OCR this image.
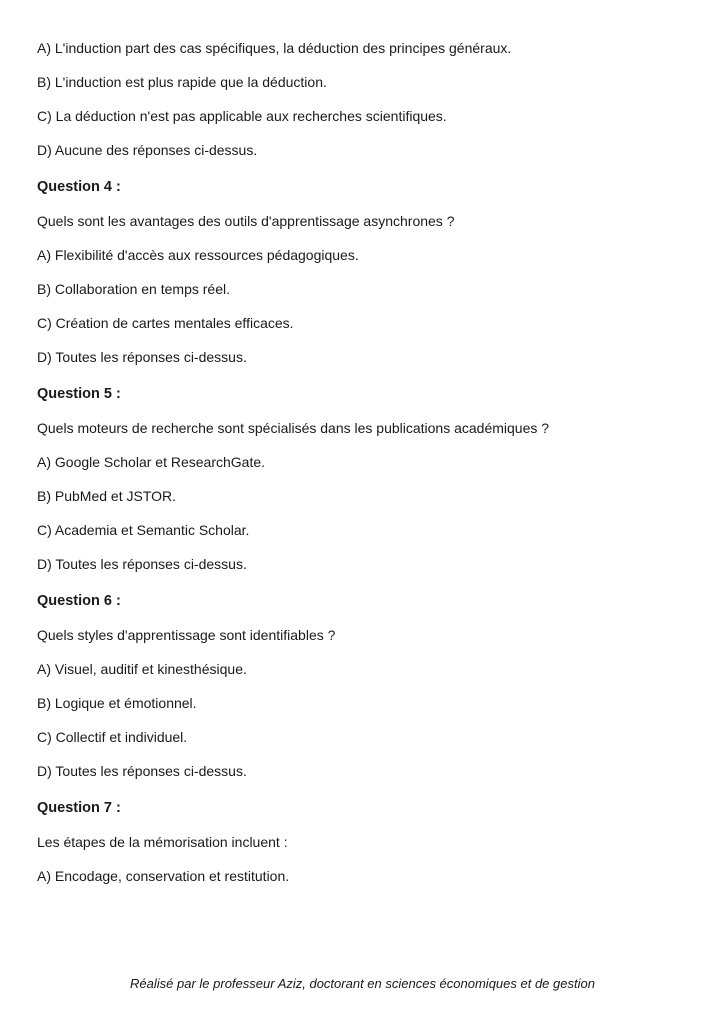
A) L'induction part des cas spécifiques, la déduction des principes généraux.

B) L'induction est plus rapide que la déduction.

C) La déduction n'est pas applicable aux recherches scientifiques.

D) Aucune des réponses ci-dessus.

Question 4 :

Quels sont les avantages des outils d'apprentissage asynchrones ?

A) Flexibilité d'accès aux ressources pédagogiques.

B) Collaboration en temps réel.

C) Création de cartes mentales efficaces.

D) Toutes les réponses ci-dessus.

Question 5 :

Quels moteurs de recherche sont spécialisés dans les publications académiques ?

A) Google Scholar et ResearchGate.

B) PubMed et JSTOR.

C) Academia et Semantic Scholar.

D) Toutes les réponses ci-dessus.

Question 6 :

Quels styles d'apprentissage sont identifiables ?

A) Visuel, auditif et kinesthésique.

B) Logique et émotionnel.

C) Collectif et individuel.

D) Toutes les réponses ci-dessus.

Question 7 :

Les étapes de la mémorisation incluent :

A) Encodage, conservation et restitution.

Réalisé par le professeur Aziz, doctorant en sciences économiques et de gestion
